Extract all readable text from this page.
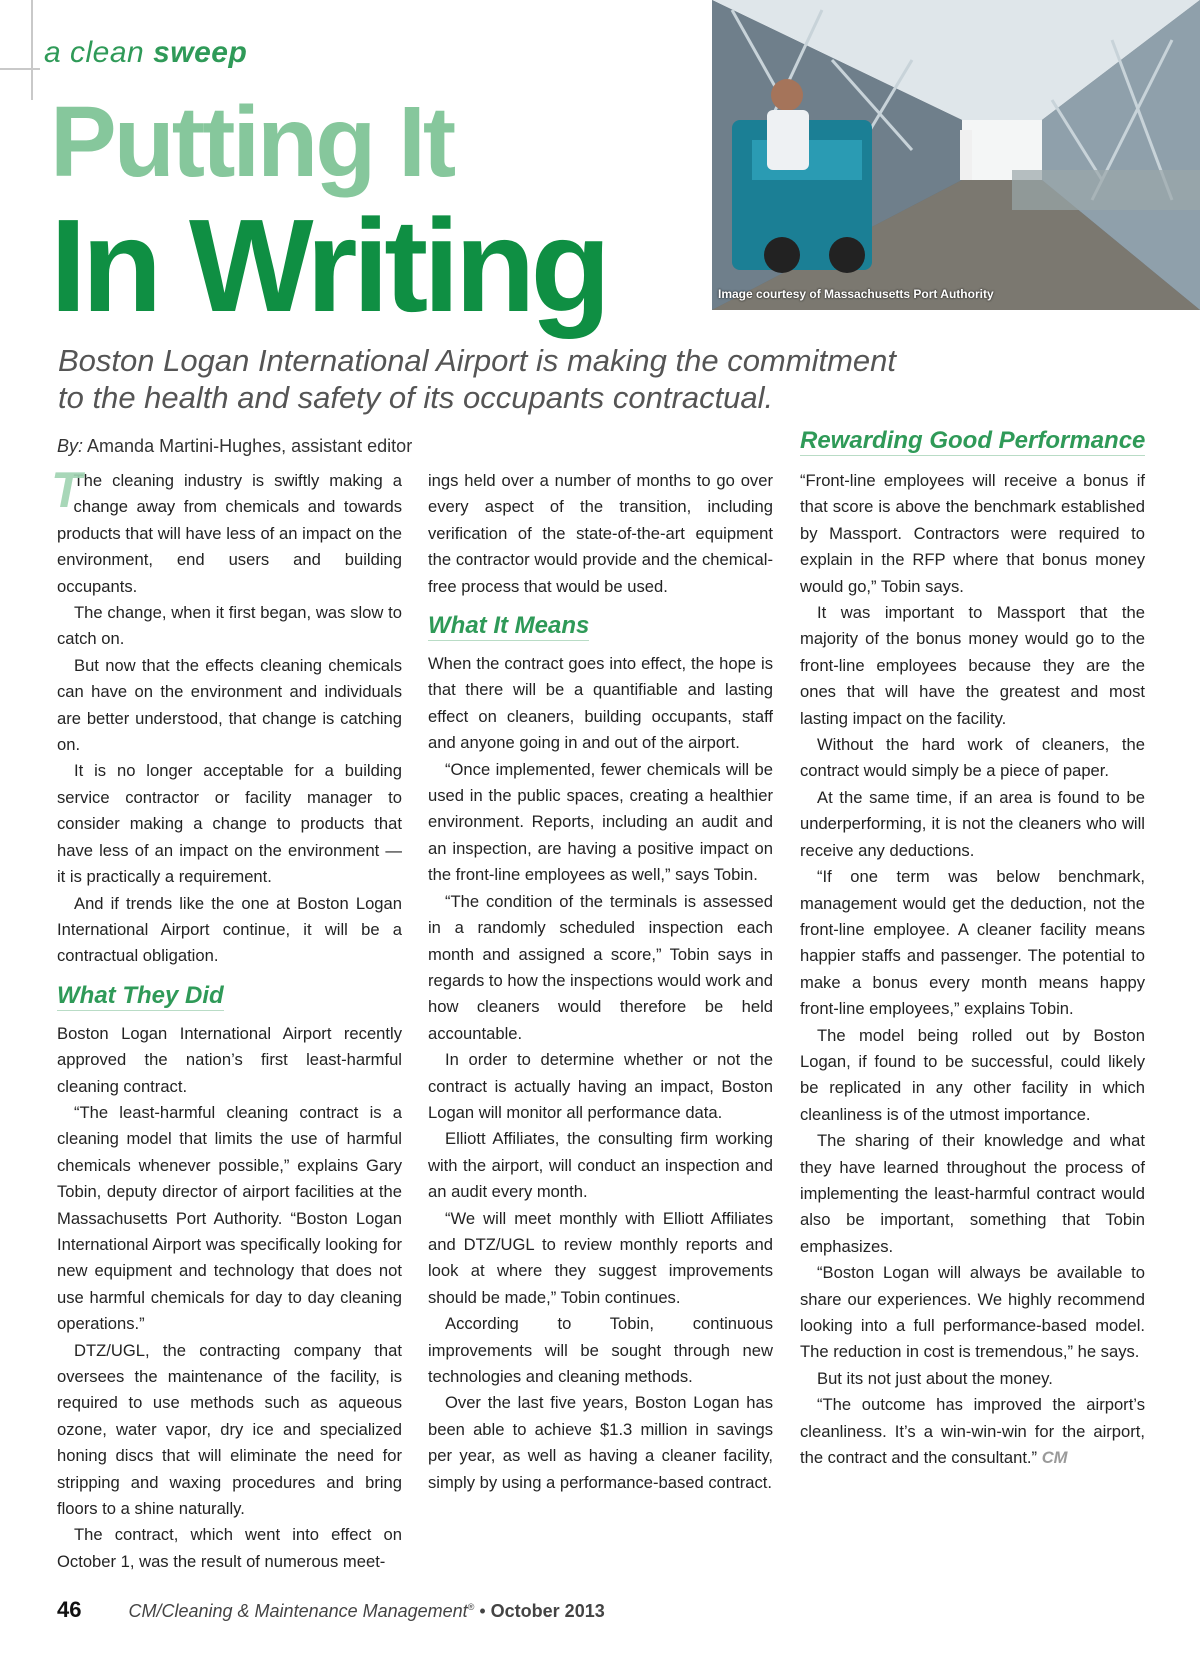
a clean sweep
Putting It
In Writing	Image courtesy of Massachusetts Port Authority

Boston Logan International Airport is making the commitment to the health and safety of its occupants contractual.

By: Amanda Martini-Hughes, assistant editor
T

The cleaning industry is swiftly making a change away from chemicals and towards products that will have less of an impact on the environment, end users and building occupants.

The change, when it first began, was slow to catch on.

But now that the effects cleaning chemicals can have on the environment and individuals are better understood, that change is catching on.

It is no longer acceptable for a building service contractor or facility manager to consider making a change to products that have less of an impact on the environment — it is practically a requirement.

And if trends like the one at Boston Logan International Airport continue, it will be a contractual obligation.

What They Did

Boston Logan International Airport recently approved the nation’s first least-harmful cleaning contract.

“The least-harmful cleaning contract is a cleaning model that limits the use of harmful chemicals whenever possible,” explains Gary Tobin, deputy director of airport facilities at the Massachusetts Port Authority. “Boston Logan International Airport was specifically looking for new equipment and technology that does not use harmful chemicals for day to day cleaning operations.”

DTZ/UGL, the contracting company that oversees the maintenance of the facility, is required to use methods such as aqueous ozone, water vapor, dry ice and specialized honing discs that will eliminate the need for stripping and waxing procedures and bring floors to a shine naturally.

The contract, which went into effect on October 1, was the result of numerous meet-

ings held over a number of months to go over every aspect of the transition, including verification of the state-of-the-art equipment the contractor would provide and the chemical-free process that would be used.

What It Means

When the contract goes into effect, the hope is that there will be a quantifiable and lasting effect on cleaners, building occupants, staff and anyone going in and out of the airport.

“Once implemented, fewer chemicals will be used in the public spaces, creating a healthier environment. Reports, including an audit and an inspection, are having a positive impact on the front-line employees as well,” says Tobin.

“The condition of the terminals is assessed in a randomly scheduled inspection each month and assigned a score,” Tobin says in regards to how the inspections would work and how cleaners would therefore be held accountable.

In order to determine whether or not the contract is actually having an impact, Boston Logan will monitor all performance data.

Elliott Affiliates, the consulting firm working with the airport, will conduct an inspection and an audit every month.

“We will meet monthly with Elliott Affiliates and DTZ/UGL to review monthly reports and look at where they suggest improvements should be made,” Tobin continues.

According to Tobin, continuous improvements will be sought through new technologies and cleaning methods.

Over the last five years, Boston Logan has been able to achieve $1.3 million in savings per year, as well as having a cleaner facility, simply by using a performance-based contract.

Rewarding Good Performance

“Front-line employees will receive a bonus if that score is above the benchmark established by Massport. Contractors were required to explain in the RFP where that bonus money would go,” Tobin says.

It was important to Massport that the majority of the bonus money would go to the front-line employees because they are the ones that will have the greatest and most lasting impact on the facility.

Without the hard work of cleaners, the contract would simply be a piece of paper.

At the same time, if an area is found to be underperforming, it is not the cleaners who will receive any deductions.

“If one term was below benchmark, management would get the deduction, not the front-line employee. A cleaner facility means happier staffs and passenger. The potential to make a bonus every month means happy front-line employees,” explains Tobin.

The model being rolled out by Boston Logan, if found to be successful, could likely be replicated in any other facility in which cleanliness is of the utmost importance.

The sharing of their knowledge and what they have learned throughout the process of implementing the least-harmful contract would also be important, something that Tobin emphasizes.

“Boston Logan will always be available to share our experiences. We highly recommend looking into a full performance-based model. The reduction in cost is tremendous,” he says.

But its not just about the money.

“The outcome has improved the airport’s cleanliness. It’s a win-win-win for the airport, the contract and the consultant.” CM

46	CM/Cleaning & Maintenance Management® • October 2013
